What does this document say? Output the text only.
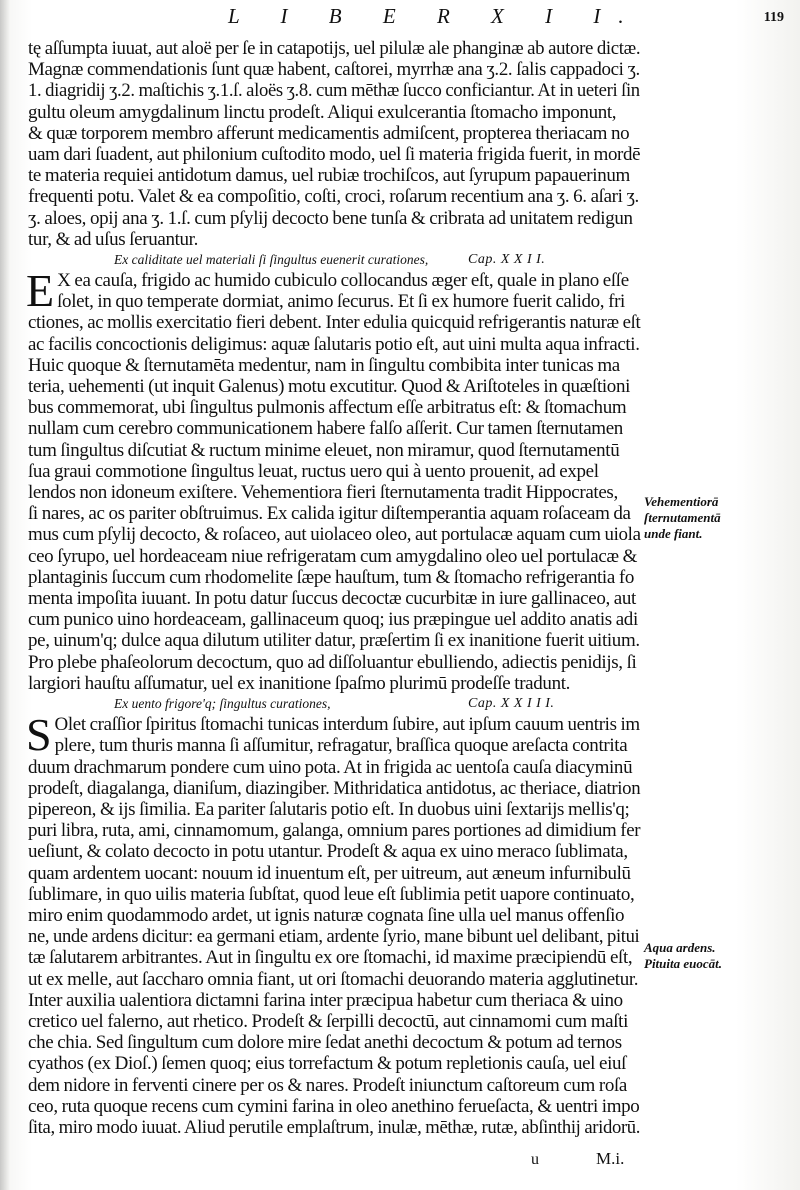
L I B E R X I I.	119
tę aſſumpta iuuat, aut aloë per ſe in catapotijs, uel pilulæ ale phanginæ ab autore dictæ.
Magnæ commendationis ſunt quæ habent, caſtorei, myrrhæ ana ʒ.2. ſalis cappadoci ʒ.
1. diagridij ʒ.2. maſtichis ʒ.1.ſ. aloës ʒ.8. cum mēthæ ſucco conficiantur. At in ueteri ſin
gultu oleum amygdalinum linctu prodeſt. Aliqui exulcerantia ſtomacho imponunt,
& quæ torporem membro afferunt medicamentis admiſcent, propterea theriacam no
uam dari ſuadent, aut philonium cuſtodito modo, uel ſi materia frigida fuerit, in mordē
te materia requiei antidotum damus, uel rubiæ trochiſcos, aut ſyrupum papauerinum
frequenti potu. Valet & ea compoſitio, coſti, croci, roſarum recentium ana ʒ. 6. aſari ʒ.
ʒ. aloes, opij ana ʒ. 1.ſ. cum pſylij decocto bene tunſa & cribrata ad unitatem redigun
tur, & ad uſus ſeruantur.
Ex caliditate uel materiali ſi ſingultus euenerit curationes,	Cap. X X I I.
E X ea cauſa, frigido ac humido cubiculo collocandus æger eſt, quale in plano eſſe
ſolet, in quo temperate dormiat, animo ſecurus. Et ſi ex humore fuerit calido, fri
ctiones, ac mollis exercitatio fieri debent. Inter edulia quicquid refrigerantis naturæ eſt
ac facilis concoctionis deligimus: aquæ ſalutaris potio eſt, aut uini multa aqua infracti.
Huic quoque & ſternutamēta medentur, nam in ſingultu combibita inter tunicas ma
teria, uehementi (ut inquit Galenus) motu excutitur. Quod & Ariſtoteles in quæſtioni
bus commemorat, ubi ſingultus pulmonis affectum eſſe arbitratus eſt: & ſtomachum
nullam cum cerebro communicationem habere falſo aſſerit. Cur tamen ſternutamen
tum ſingultus diſcutiat & ructum minime eleuet, non miramur, quod ſternutamentū
ſua graui commotione ſingultus leuat, ructus uero qui à uento prouenit, ad expel
lendos non idoneum exiſtere. Vehementiora fieri ſternutamenta tradit Hippocrates,
ſi nares, ac os pariter obſtruimus. Ex calida igitur diſtemperantia aquam roſaceam da
mus cum pſylij decocto, & roſaceo, aut uiolaceo oleo, aut portulacæ aquam cum uiola
ceo ſyrupo, uel hordeaceam niue refrigeratam cum amygdalino oleo uel portulacæ &
plantaginis ſuccum cum rhodomelite ſæpe hauſtum, tum & ſtomacho refrigerantia fo
menta impoſita iuuant. In potu datur ſuccus decoctæ cucurbitæ in iure gallinaceo, aut
cum punico uino hordeaceam, gallinaceum quoq; ius præpingue uel addito anatis adi
pe, uinum'q; dulce aqua dilutum utiliter datur, præſertim ſi ex inanitione fuerit uitium.
Pro plebe phaſeolorum decoctum, quo ad diſſoluantur ebulliendo, adiectis penidijs, ſi
largiori hauſtu aſſumatur, uel ex inanitione ſpaſmo plurimū prodeſſe tradunt.
Ex uento frigore'q; ſingultus curationes,	Cap. X X I I I.
S Olet craſſior ſpiritus ſtomachi tunicas interdum ſubire, aut ipſum cauum uentris im
plere, tum thuris manna ſi aſſumitur, refragatur, braſſica quoque areſacta contrita
duum drachmarum pondere cum uino pota. At in frigida ac uentoſa cauſa diacyminū
prodeſt, diagalanga, dianiſum, diazingiber. Mithridatica antidotus, ac theriace, diatrion
pipereon, & ijs ſimilia. Ea pariter ſalutaris potio eſt. In duobus uini ſextarijs mellis'q;
puri libra, ruta, ami, cinnamomum, galanga, omnium pares portiones ad dimidium fer
ueſiunt, & colato decocto in potu utantur. Prodeſt & aqua ex uino meraco ſublimata,
quam ardentem uocant: nouum id inuentum eſt, per uitreum, aut æneum infurnibulū
ſublimare, in quo uilis materia ſubſtat, quod leue eſt ſublimia petit uapore continuato,
miro enim quodammodo ardet, ut ignis naturæ cognata ſine ulla uel manus offenſio
ne, unde ardens dicitur: ea germani etiam, ardente ſyrio, mane bibunt uel delibant, pitui
tæ ſalutarem arbitrantes. Aut in ſingultu ex ore ſtomachi, id maxime præcipiendū eſt,
ut ex melle, aut ſaccharo omnia fiant, ut ori ſtomachi deuorando materia agglutinetur.
Inter auxilia ualentiora dictamni farina inter præcipua habetur cum theriaca & uino
cretico uel falerno, aut rhetico. Prodeſt & ſerpilli decoctū, aut cinnamomi cum maſti
che chia. Sed ſingultum cum dolore mire ſedat anethi decoctum & potum ad ternos
cyathos (ex Dioſ.) ſemen quoq; eius torrefactum & potum repletionis cauſa, uel eiuſ
dem nidore in ferventi cinere per os & nares. Prodeſt iniunctum caſtoreum cum roſa
ceo, ruta quoque recens cum cymini farina in oleo anethino ferueſacta, & uentri impo
ſita, miro modo iuuat. Aliud perutile emplaſtrum, inulæ, mēthæ, rutæ, abſinthij aridorū.
Vehementiorā
ſternutamentā
unde fiant.
Aqua ardens.
Pituita euocāt.
u	M.i.
